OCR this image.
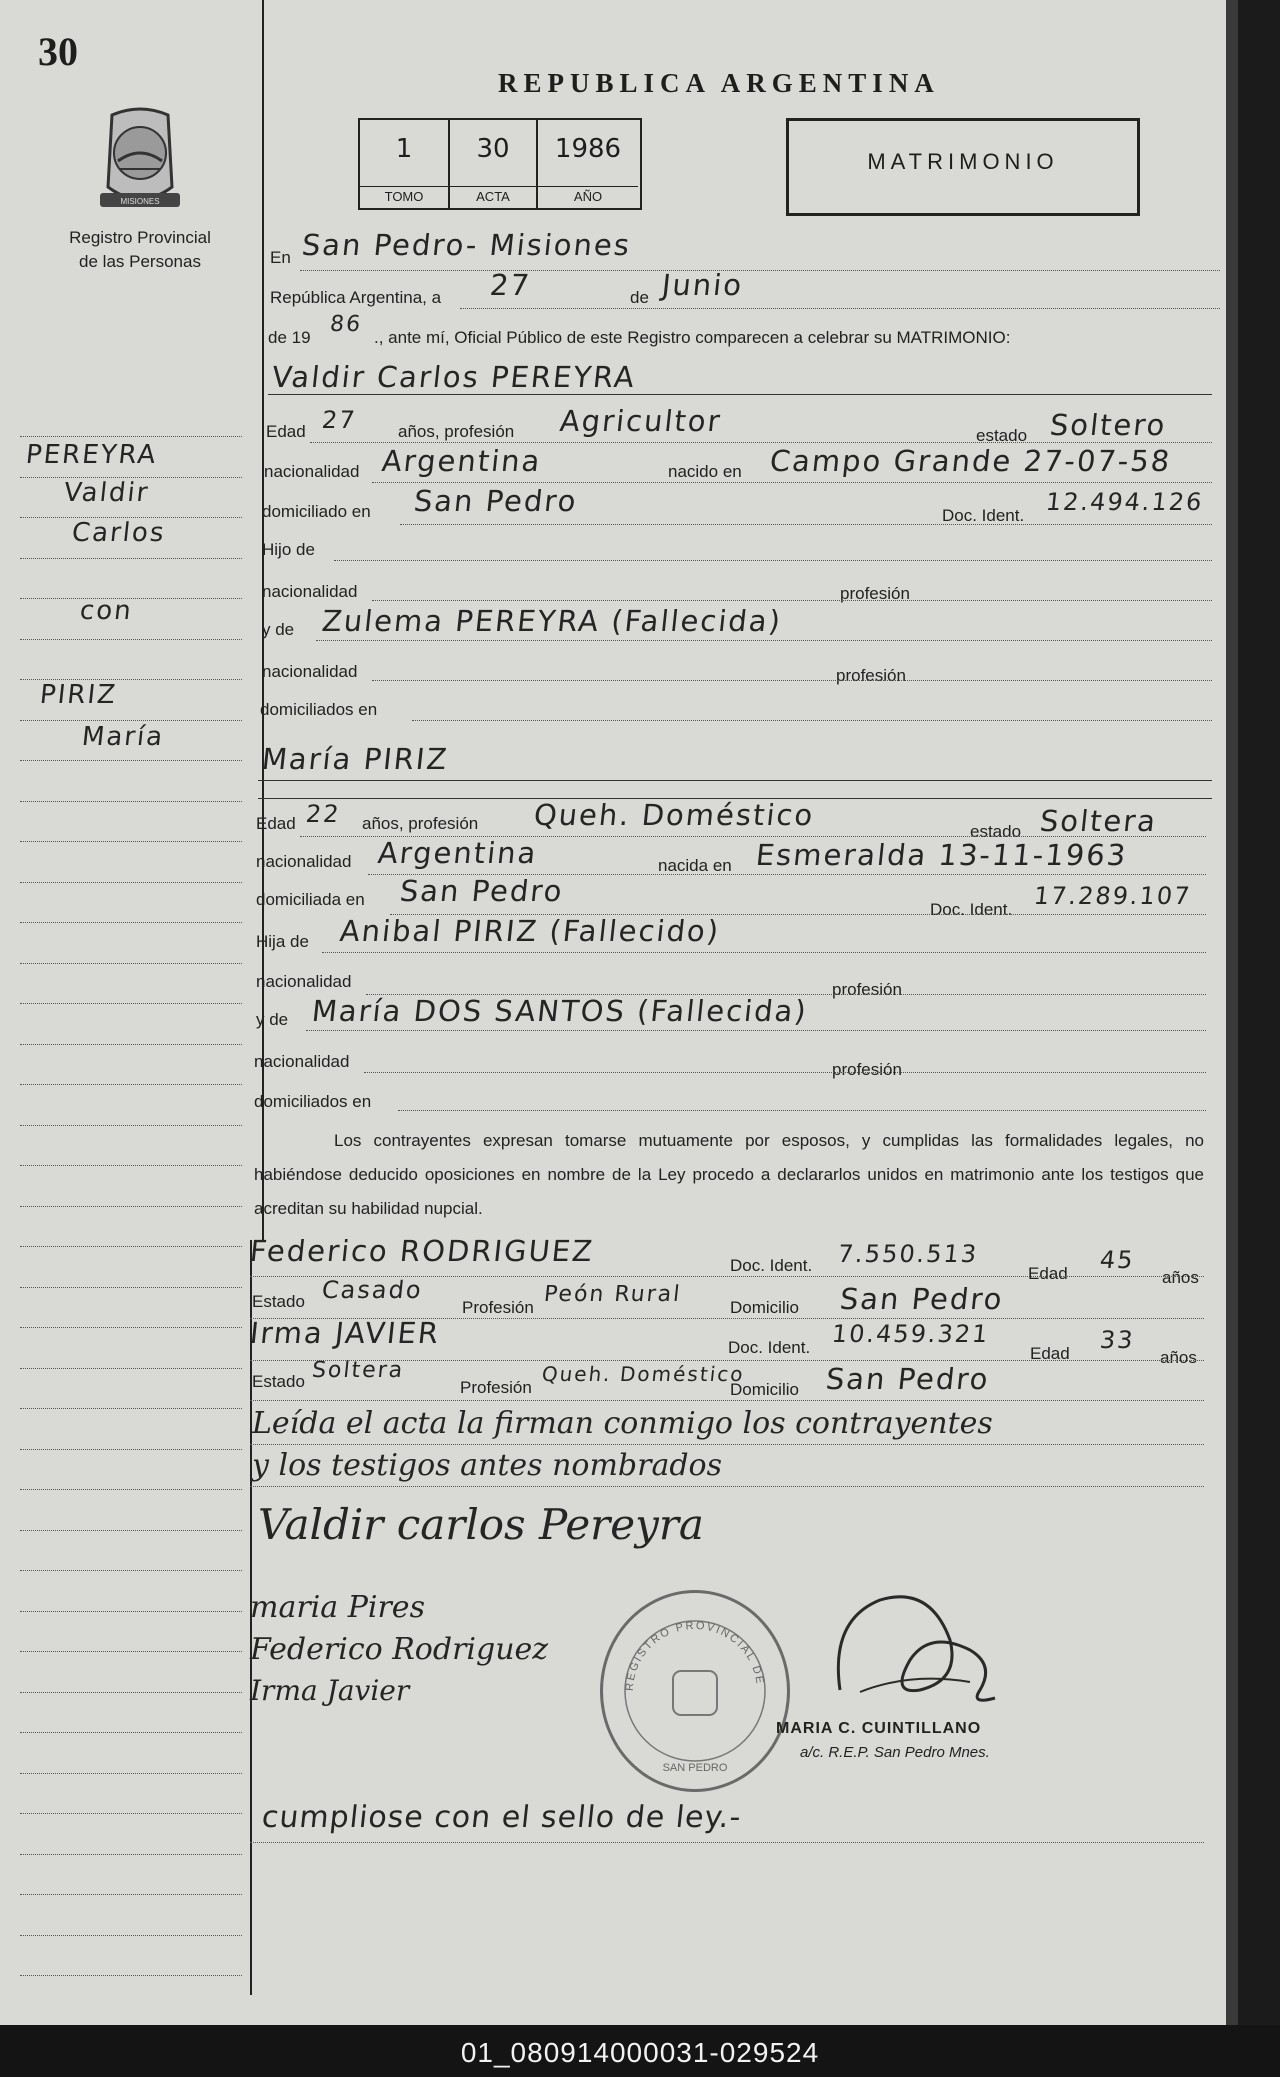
30
MISIONES
Registro Provincial
de las Personas
REPUBLICA ARGENTINA
1
TOMO
30
ACTA
1986
AÑO
MATRIMONIO
PEREYRA
Valdir
Carlos
con
PIRIZ
María
En San Pedro- Misiones
República Argentina, a 27	de Junio
de 19
86
., ante mí, Oficial Público de este Registro comparecen a celebrar su MATRIMONIO:
Valdir Carlos PEREYRA
Edad 27 años, profesión Agricultor	estado Soltero
nacionalidad Argentina	nacido en Campo Grande 27-07-58
domiciliado en San Pedro	Doc. Ident. 12.494.126
Hijo de
nacionalidad	profesión
y de Zulema PEREYRA (Fallecida)
nacionalidad	profesión
domiciliados en
María PIRIZ
Edad 22 años, profesión Queh. Doméstico	estado Soltera
nacionalidad Argentina	nacida en Esmeralda 13-11-1963
domiciliada en San Pedro
Doc. Ident. 17.289.107
Hija de Anibal PIRIZ (Fallecido)
nacionalidad	profesión
y de María DOS SANTOS (Fallecida)
nacionalidad	profesión
domiciliados en
Los contrayentes expresan tomarse mutuamente por esposos, y cumplidas las formalidades legales, no habiéndose deducido oposiciones en nombre de la Ley procedo a declararlos unidos en matrimonio ante los testigos que acreditan su habilidad nupcial.
Federico RODRIGUEZ	Doc. Ident. 7.550.513
Edad 45
años
Estado Casado
Profesión
Peón Rural
Domicilio San Pedro
Irma JAVIER	Doc. Ident. 10.459.321
Edad 33
años
Estado Soltera
Profesión
Queh. Doméstico
Domicilio San Pedro
Leída el acta la firman conmigo los contrayentes
y los testigos antes nombrados
Valdir carlos Pereyra
maria Pires
Federico Rodriguez
Irma Javier	REGISTRO PROVINCIAL DE
SAN PEDRO
MARIA C. CUINTILLANO
a/c. R.E.P. San Pedro Mnes.
cumpliose con el sello de ley.-
01_080914000031-029524
